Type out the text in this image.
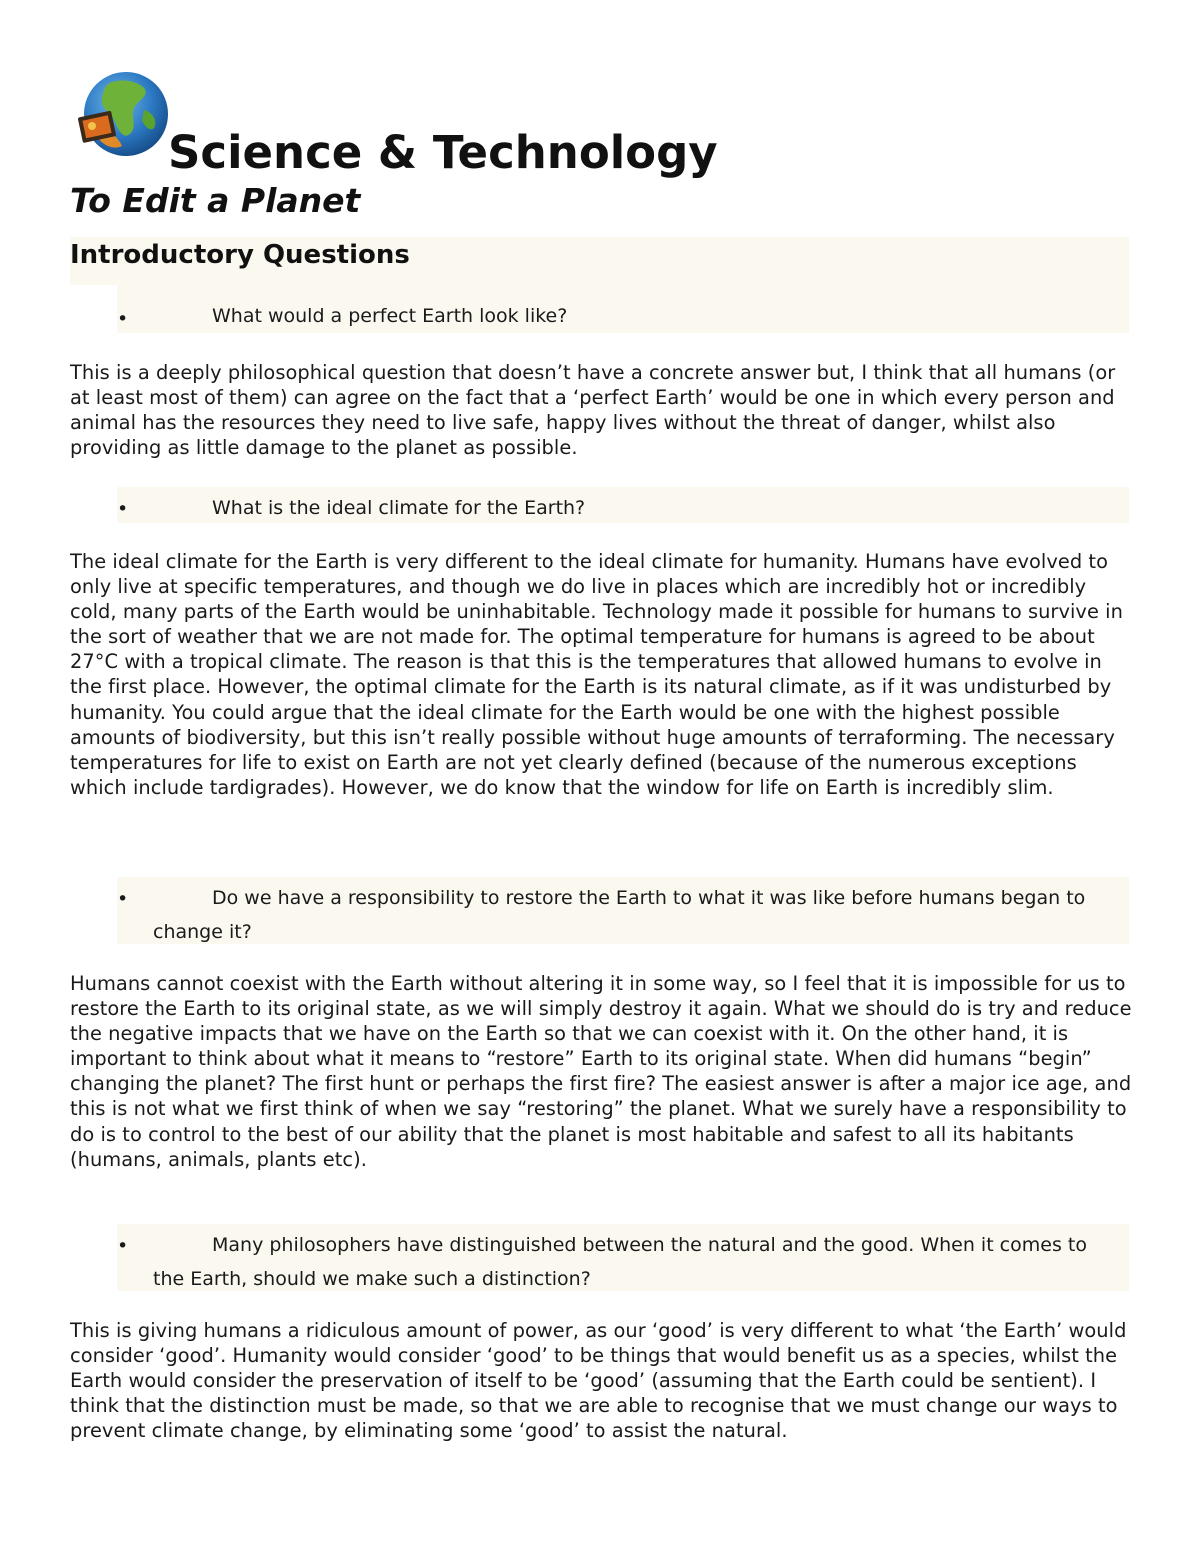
Science & Technology
To Edit a Planet
Introductory Questions
•	What would a perfect Earth look like?

This is a deeply philosophical question that doesn’t have a concrete answer but, I think that all humans (or at least most of them) can agree on the fact that a ‘perfect Earth’ would be one in which every person and animal has the resources they need to live safe, happy lives without the threat of danger, whilst also providing as little damage to the planet as possible.

•	What is the ideal climate for the Earth?

The ideal climate for the Earth is very different to the ideal climate for humanity. Humans have evolved to only live at specific temperatures, and though we do live in places which are incredibly hot or incredibly cold, many parts of the Earth would be uninhabitable. Technology made it possible for humans to survive in the sort of weather that we are not made for. The optimal temperature for humans is agreed to be about 27°C with a tropical climate. The reason is that this is the temperatures that allowed humans to evolve in the first place. However, the optimal climate for the Earth is its natural climate, as if it was undisturbed by humanity. You could argue that the ideal climate for the Earth would be one with the highest possible amounts of biodiversity, but this isn’t really possible without huge amounts of terraforming. The necessary temperatures for life to exist on Earth are not yet clearly defined (because of the numerous exceptions which include tardigrades). However, we do know that the window for life on Earth is incredibly slim.

•	Do we have a responsibility to restore the Earth to what it was like before humans began to change it?

Humans cannot coexist with the Earth without altering it in some way, so I feel that it is impossible for us to restore the Earth to its original state, as we will simply destroy it again. What we should do is try and reduce the negative impacts that we have on the Earth so that we can coexist with it. On the other hand, it is important to think about what it means to “restore” Earth to its original state. When did humans “begin” changing the planet? The first hunt or perhaps the first fire? The easiest answer is after a major ice age, and this is not what we first think of when we say “restoring” the planet. What we surely have a responsibility to do is to control to the best of our ability that the planet is most habitable and safest to all its habitants (humans, animals, plants etc).

•	Many philosophers have distinguished between the natural and the good. When it comes to the Earth, should we make such a distinction?

This is giving humans a ridiculous amount of power, as our ‘good’ is very different to what ‘the Earth’ would consider ‘good’. Humanity would consider ‘good’ to be things that would benefit us as a species, whilst the Earth would consider the preservation of itself to be ‘good’ (assuming that the Earth could be sentient). I think that the distinction must be made, so that we are able to recognise that we must change our ways to prevent climate change, by eliminating some ‘good’ to assist the natural.
